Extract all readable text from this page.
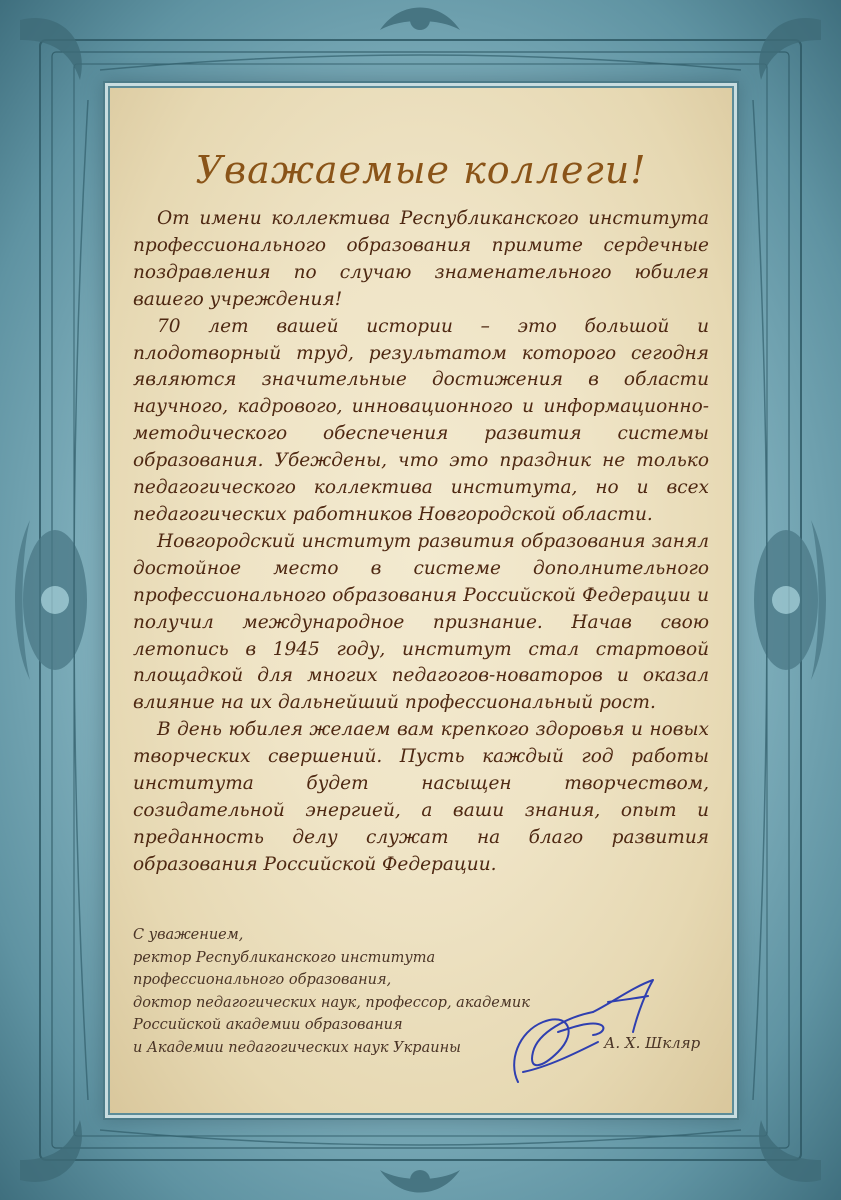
Уважаемые коллеги!

От имени коллектива Республиканского института профессионального образования примите сердечные поздравления по случаю знаменательного юбилея вашего учреждения!

70 лет вашей истории – это большой и плодотворный труд, результатом которого сегодня являются значительные достижения в области научного, кадрового, инновационного и информационно-методического обеспечения развития системы образования. Убеждены, что это праздник не только педагогического коллектива института, но и всех педагогических работников Новгородской области.

Новгородский институт развития образования занял достойное место в системе дополнительного профессионального образования Российской Федерации и получил международное признание. Начав свою летопись в 1945 году, институт стал стартовой площадкой для многих педагогов-новаторов и оказал влияние на их дальнейший профессиональный рост.

В день юбилея желаем вам крепкого здоровья и новых творческих свершений. Пусть каждый год работы института будет насыщен творчеством, созидательной энергией, а ваши знания, опыт и преданность делу служат на благо развития образования Российской Федерации.

С уважением,
ректор Республиканского института
профессионального образования,
доктор педагогических наук, профессор, академик
Российской академии образования
и Академии педагогических наук Украины	А. Х. Шкляр
